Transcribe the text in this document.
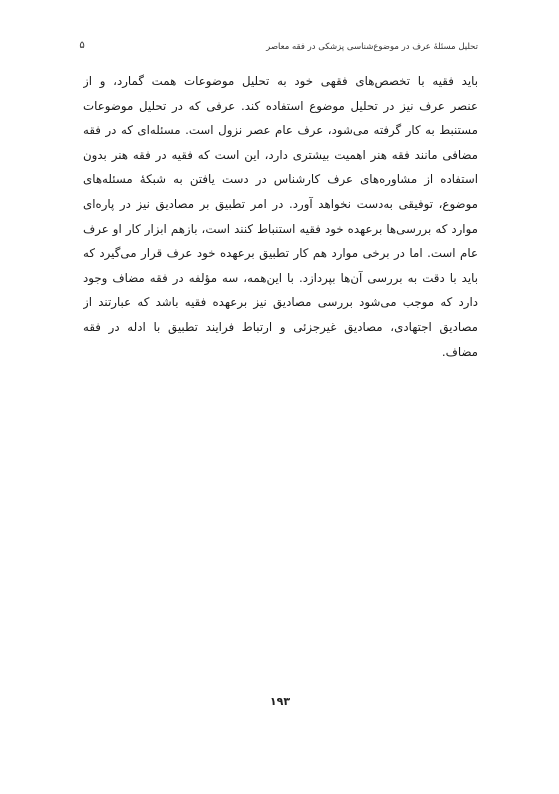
۵	تحلیل مسئلهٔ عرف در موضوع‌شناسی پزشکی در فقه معاصر

باید فقیه با تخصص‌های فقهی خود به تحلیل موضوعات همت گمارد، و از

عنصر عرف نیز در تحلیل موضوع استفاده کند. عرفی که در تحلیل موضوعات

مستنبط به کار گرفته می‌شود، عرف عام عصر نزول است. مسئله‌ای که در فقه

مضافی مانند فقه هنر اهمیت بیشتری دارد، این است که فقیه در فقه هنر بدون

استفاده از مشاوره‌های عرف کارشناس در دست یافتن به شبکهٔ مسئله‌های

موضوع، توفیقی به‌دست نخواهد آورد. در امر تطبیق بر مصادیق نیز در پاره‌ای

موارد که بررسی‌ها برعهده خود فقیه استنباط کنند است، بازهم ابزار کار او عرف

عام است. اما در برخی موارد هم کار تطبیق برعهده خود عرف قرار می‌گیرد که

باید با دقت به بررسی آن‌ها بپردازد. با این‌همه، سه مؤلفه در فقه مضاف وجود

دارد که موجب می‌شود بررسی مصادیق نیز برعهده فقیه باشد که عبارتند از

مصادیق اجتهادی، مصادیق غیرجزئی و ارتباط فرایند تطبیق با ادله در فقه

مضاف.

۱۹۳
